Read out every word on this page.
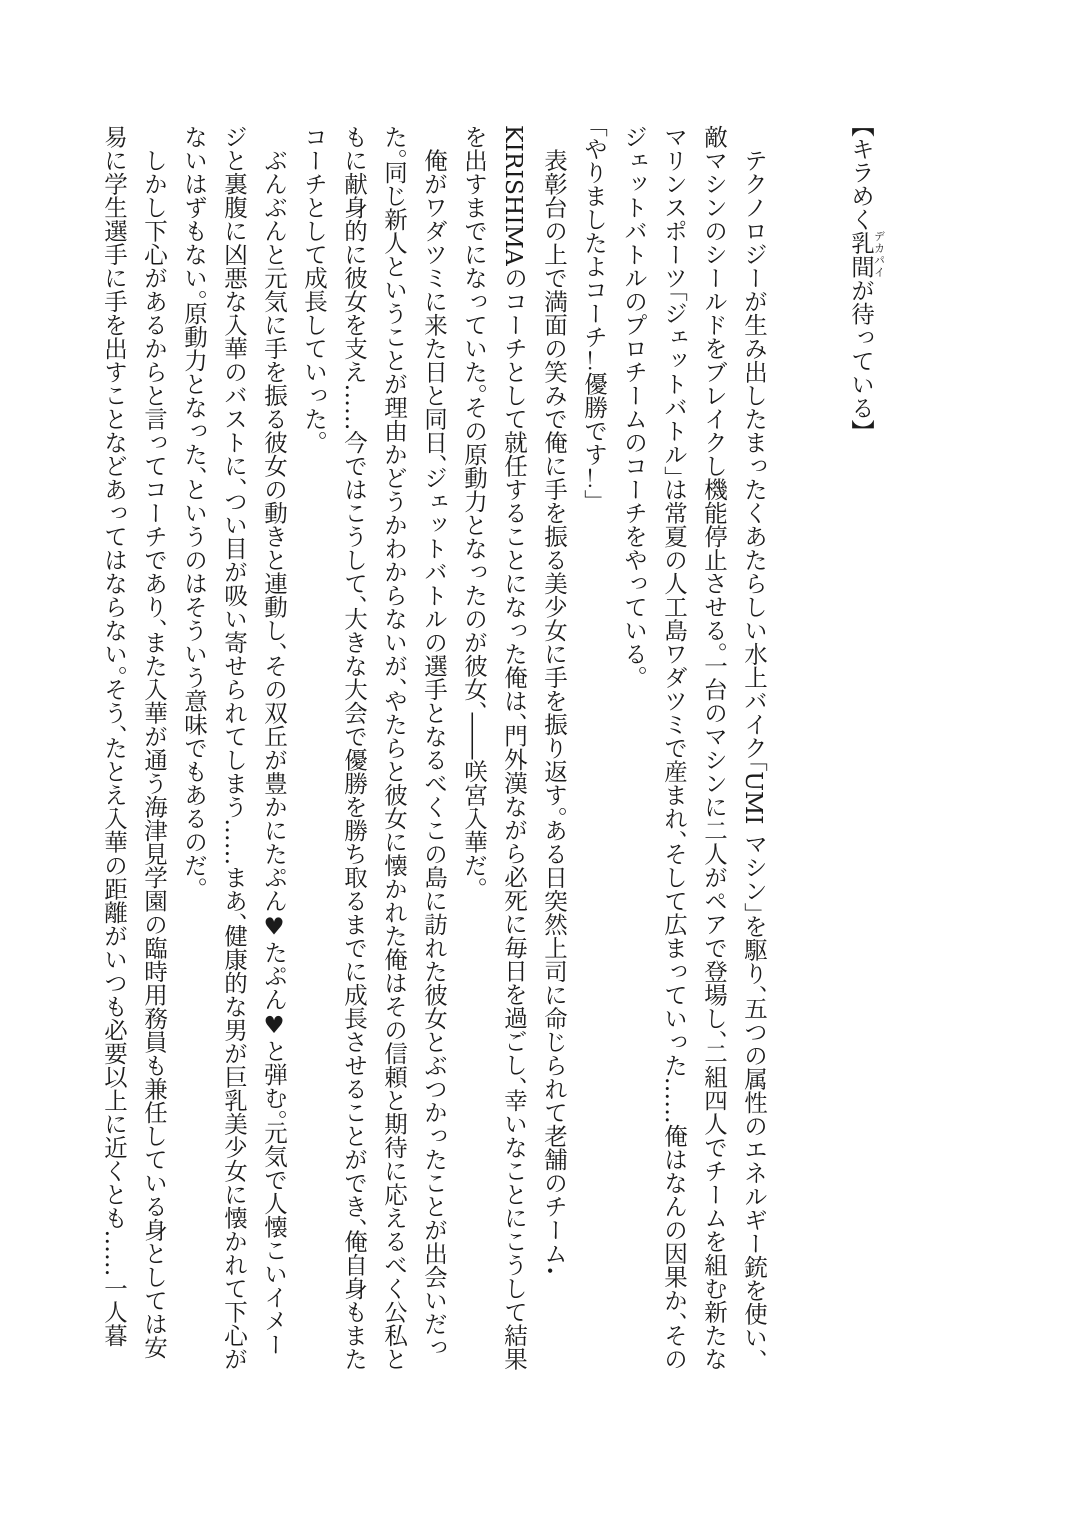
【キラめく乳間デカパイが待っている】

　テクノロジーが生み出したまったくあたらしい水上バイク「UMI マシン」を駆り、五つの属性のエネルギー銃を使い、敵マシンのシールドをブレイクし機能停止させる。一台のマシンに二人がペアで登場し、二組四人でチームを組む新たなマリンスポーツ「ジェットバトル」は常夏の人工島ワダツミで産まれ、そして広まっていった……俺はなんの因果か、そのジェットバトルのプロチームのコーチをやっている。

「やりましたよコーチ！優勝です！」

　表彰台の上で満面の笑みで俺に手を振る美少女に手を振り返す。ある日突然上司に命じられて老舗のチーム・KIRISHIMAのコーチとして就任することになった俺は、門外漢ながら必死に毎日を過ごし、幸いなことにこうして結果を出すまでになっていた。その原動力となったのが彼女、――咲宮入華だ。

　俺がワダツミに来た日と同日、ジェットバトルの選手となるべくこの島に訪れた彼女とぶつかったことが出会いだった。同じ新人ということが理由かどうかわからないが、やたらと彼女に懐かれた俺はその信頼と期待に応えるべく公私ともに献身的に彼女を支え……今ではこうして、大きな大会で優勝を勝ち取るまでに成長させることができ、俺自身もまたコーチとして成長していった。

　ぶんぶんと元気に手を振る彼女の動きと連動し、その双丘が豊かにたぷん♥たぷん♥と弾む。元気で人懐こいイメージと裏腹に凶悪な入華のバストに、つい目が吸い寄せられてしまう……まあ、健康的な男が巨乳美少女に懐かれて下心がないはずもない。原動力となった、というのはそういう意味でもあるのだ。

　しかし下心があるからと言ってコーチであり、また入華が通う海津見学園の臨時用務員も兼任している身としては安易に学生選手に手を出すことなどあってはならない。そう、たとえ入華の距離がいつも必要以上に近くとも……一人暮
